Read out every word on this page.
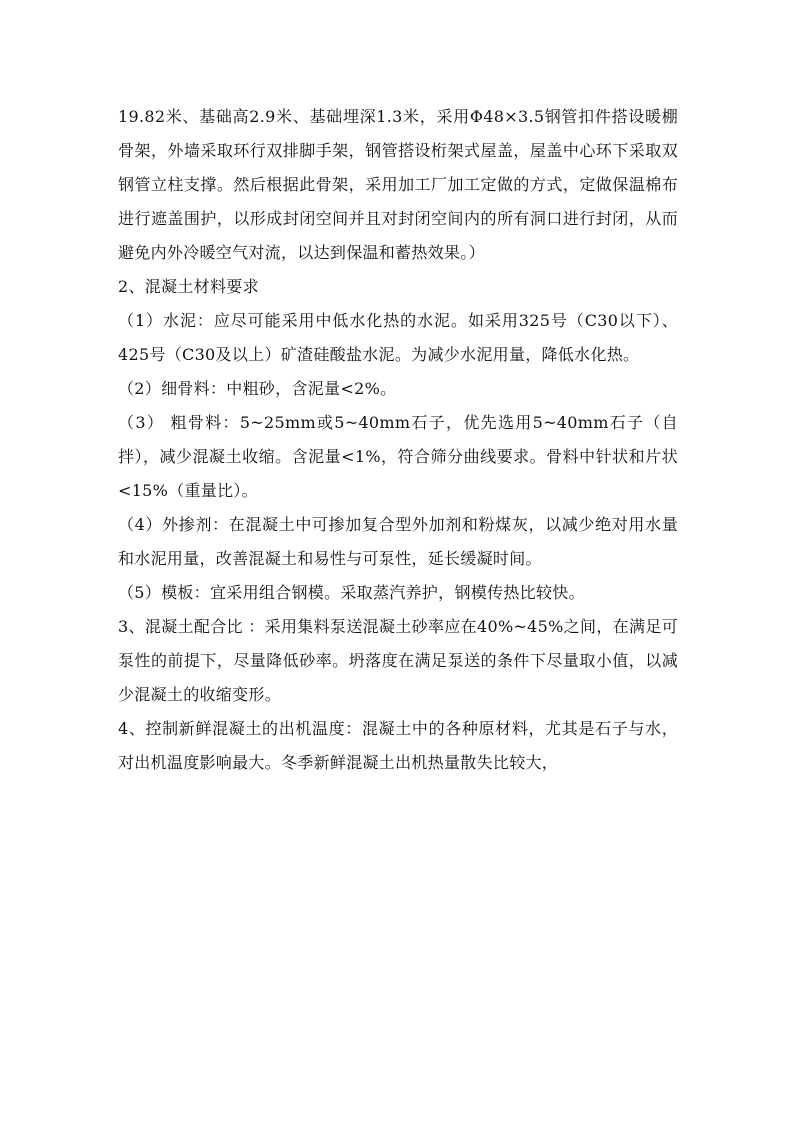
19.82米、基础高2.9米、基础埋深1.3米，采用Φ48×3.5钢管扣件搭设暖棚骨架，外墙采取环行双排脚手架，钢管搭设桁架式屋盖，屋盖中心环下采取双钢管立柱支撑。然后根据此骨架，采用加工厂加工定做的方式，定做保温棉布进行遮盖围护，以形成封闭空间并且对封闭空间内的所有洞口进行封闭，从而避免内外冷暖空气对流，以达到保温和蓄热效果。）

2、混凝土材料要求

（1）水泥：应尽可能采用中低水化热的水泥。如采用325号（C30以下）、425号（C30及以上）矿渣硅酸盐水泥。为减少水泥用量，降低水化热。

（2）细骨料：中粗砂，含泥量<2%。

（3） 粗骨料：5~25mm或5~40mm石子，优先选用5~40mm石子（自拌），减少混凝土收缩。含泥量<1%，符合筛分曲线要求。骨料中针状和片状<15%（重量比）。

（4）外掺剂：在混凝土中可掺加复合型外加剂和粉煤灰，以减少绝对用水量和水泥用量，改善混凝土和易性与可泵性，延长缓凝时间。

（5）模板：宜采用组合钢模。采取蒸汽养护，钢模传热比较快。

3、混凝土配合比 ：采用集料泵送混凝土砂率应在40%~45%之间，在满足可泵性的前提下，尽量降低砂率。坍落度在满足泵送的条件下尽量取小值，以减少混凝土的收缩变形。

4、控制新鲜混凝土的出机温度：混凝土中的各种原材料，尤其是石子与水，对出机温度影响最大。冬季新鲜混凝土出机热量散失比较大，
